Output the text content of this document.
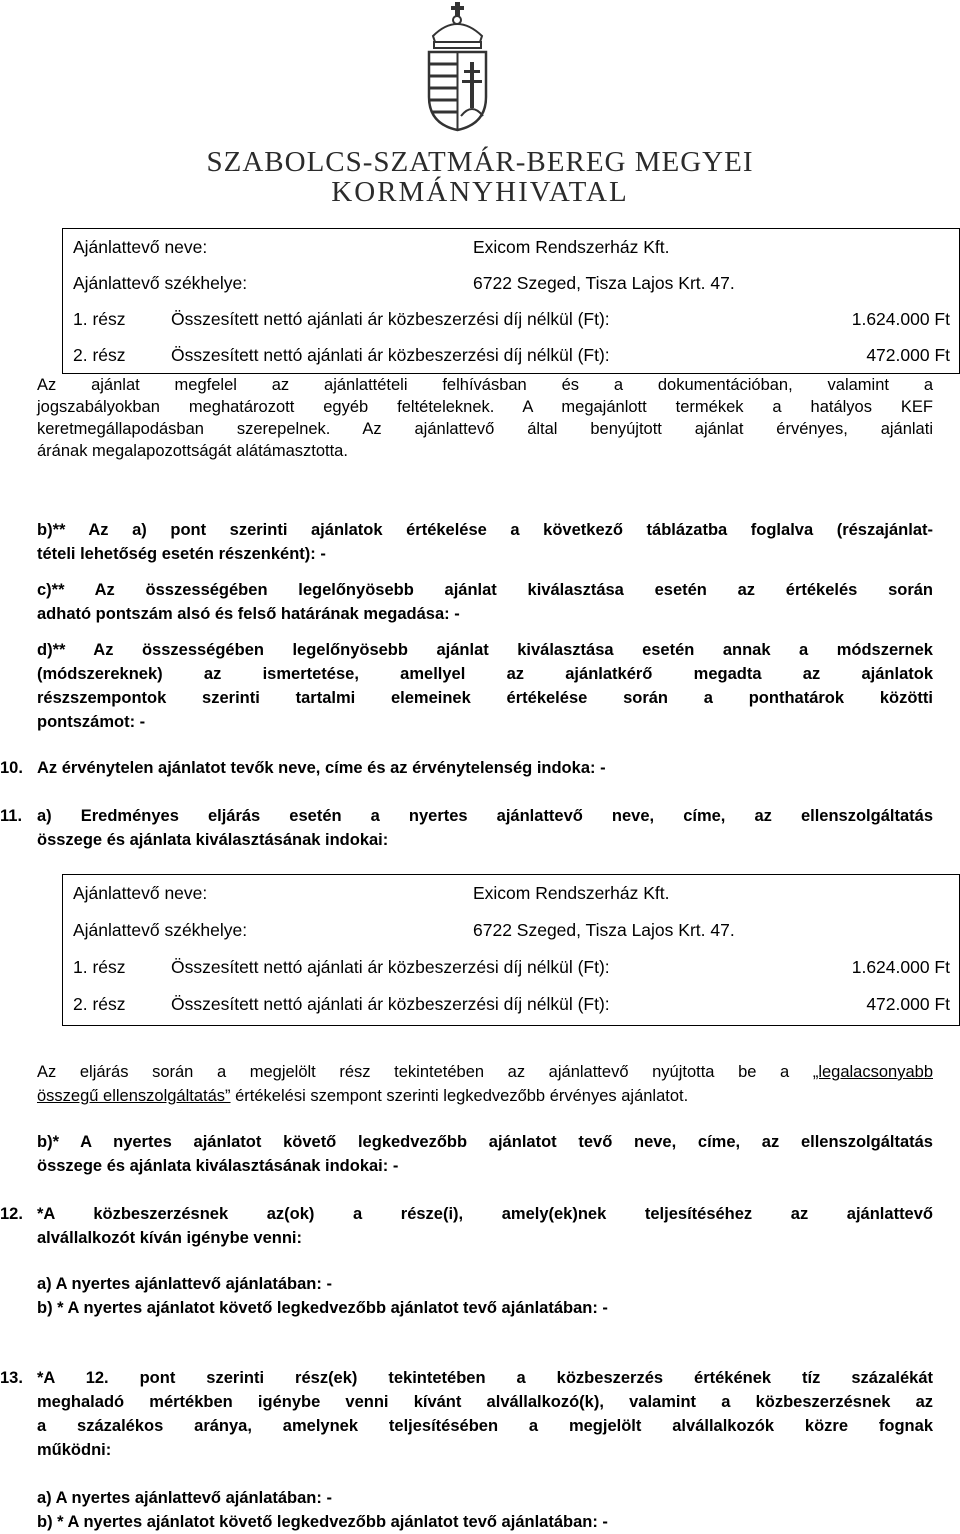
SZABOLCS-SZATMÁR-BEREG MEGYEI
KORMÁNYHIVATAL
Ajánlattevő neve:	Exicom Rendszerház Kft.
Ajánlattevő székhelye:	6722 Szeged, Tisza Lajos Krt. 47.
1. rész	Összesített nettó ajánlati ár közbeszerzési díj nélkül (Ft):	1.624.000 Ft
2. rész	Összesített nettó ajánlati ár közbeszerzési díj nélkül (Ft):	472.000 Ft
Az ajánlat megfelel az ajánlattételi felhívásban és a dokumentációban, valamint a
jogszabályokban meghatározott egyéb feltételeknek. A megajánlott termékek a hatályos KEF
keretmegállapodásban szerepelnek. Az ajánlattevő által benyújtott ajánlat érvényes, ajánlati
árának megalapozottságát alátámasztotta.
b)** Az a) pont szerinti ajánlatok értékelése a következő táblázatba foglalva (részajánlat-
tételi lehetőség esetén részenként): -
c)** Az összességében legelőnyösebb ajánlat kiválasztása esetén az értékelés során
adható pontszám alsó és felső határának megadása: -
d)** Az összességében legelőnyösebb ajánlat kiválasztása esetén annak a módszernek
(módszereknek) az ismertetése, amellyel az ajánlatkérő megadta az ajánlatok
részszempontok szerinti tartalmi elemeinek értékelése során a ponthatárok közötti
pontszámot: -
10. Az érvénytelen ajánlatot tevők neve, címe és az érvénytelenség indoka: -
11. a) Eredményes eljárás esetén a nyertes ajánlattevő neve, címe, az ellenszolgáltatás
összege és ajánlata kiválasztásának indokai:
Ajánlattevő neve:	Exicom Rendszerház Kft.
Ajánlattevő székhelye:	6722 Szeged, Tisza Lajos Krt. 47.
1. rész	Összesített nettó ajánlati ár közbeszerzési díj nélkül (Ft):	1.624.000 Ft
2. rész	Összesített nettó ajánlati ár közbeszerzési díj nélkül (Ft):	472.000 Ft
Az eljárás során a megjelölt rész tekintetében az ajánlattevő nyújtotta be a „legalacsonyabb
összegű ellenszolgáltatás” értékelési szempont szerinti legkedvezőbb érvényes ajánlatot.
b)* A nyertes ajánlatot követő legkedvezőbb ajánlatot tevő neve, címe, az ellenszolgáltatás
összege és ajánlata kiválasztásának indokai: -
12. *A közbeszerzésnek az(ok) a része(i), amely(ek)nek teljesítéséhez az ajánlattevő
alvállalkozót kíván igénybe venni:
a) A nyertes ajánlattevő ajánlatában: -
b) * A nyertes ajánlatot követő legkedvezőbb ajánlatot tevő ajánlatában: -
13. *A 12. pont szerinti rész(ek) tekintetében a közbeszerzés értékének tíz százalékát
meghaladó mértékben igénybe venni kívánt alvállalkozó(k), valamint a közbeszerzésnek az
a százalékos aránya, amelynek teljesítésében a megjelölt alvállalkozók közre fognak
működni:
a) A nyertes ajánlattevő ajánlatában: -
b) * A nyertes ajánlatot követő legkedvezőbb ajánlatot tevő ajánlatában: -
